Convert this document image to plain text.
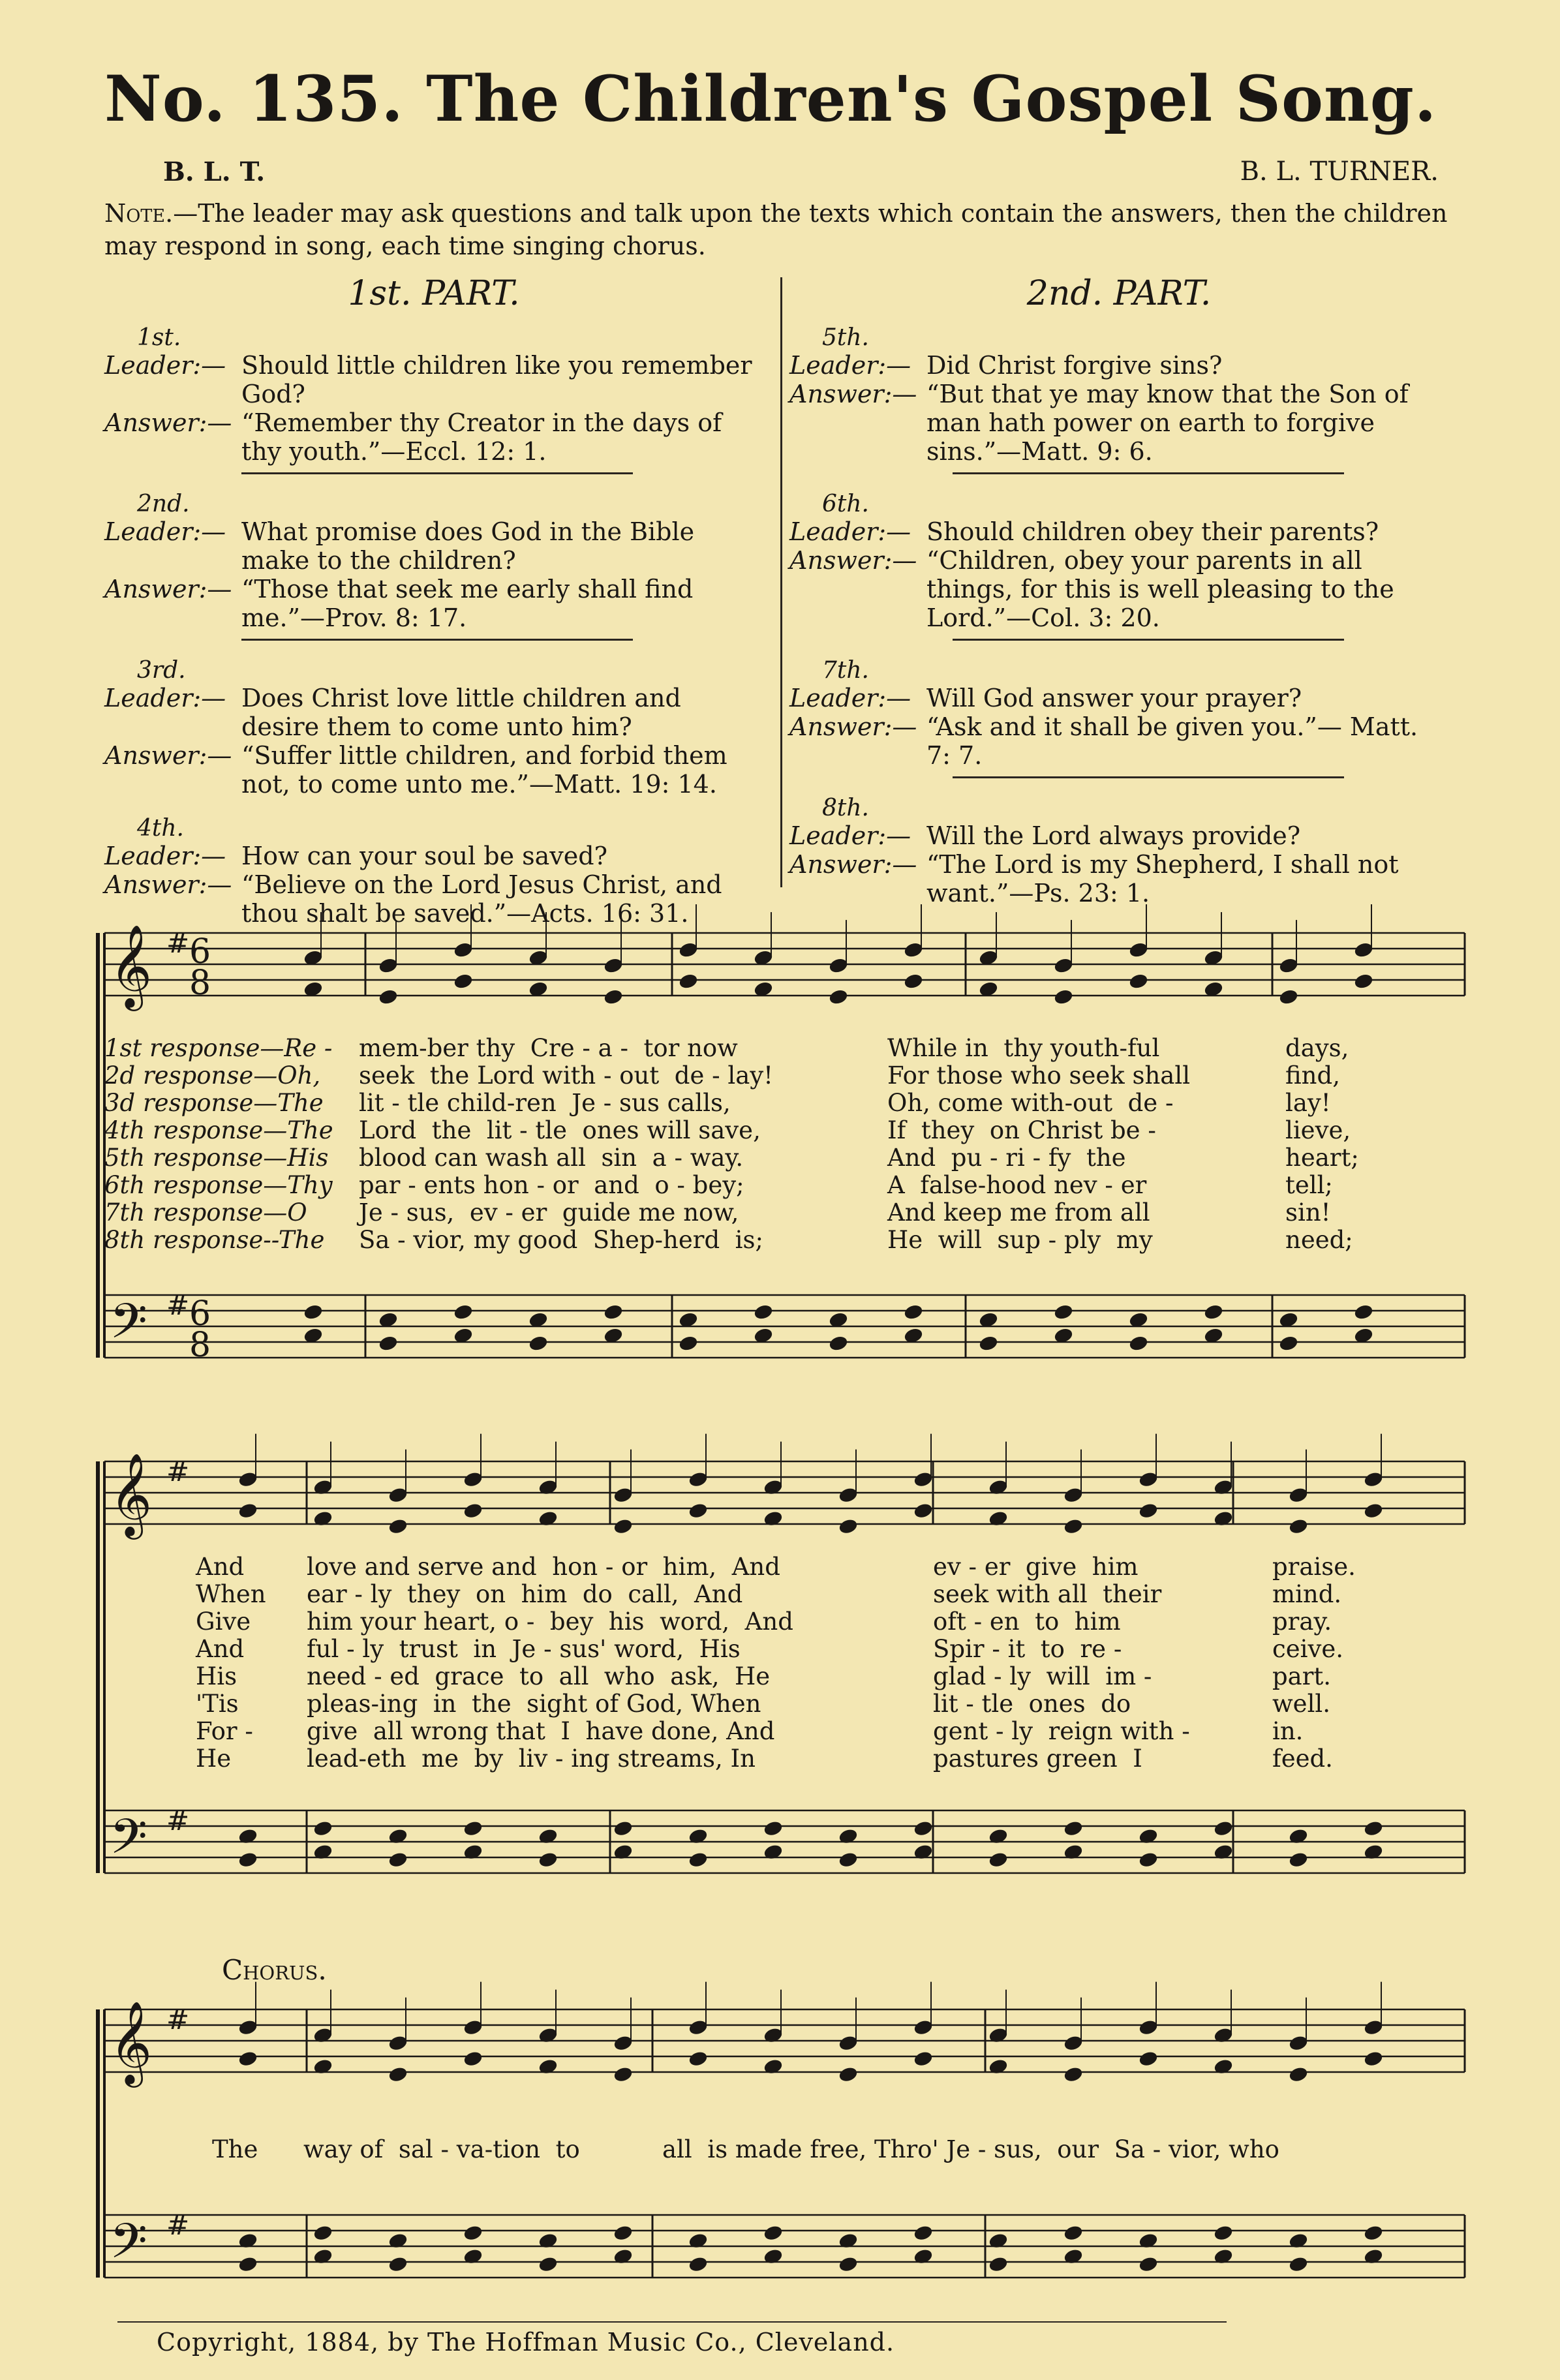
No. 135. The Children's Gospel Song.
B. L. T.	B. L. TURNER.
Note.—The leader may ask questions and talk upon the texts which contain the answers, then the children may respond in song, each time singing chorus.
1st. PART.
1st.
Leader:— Should little children like you remember God?
Answer:— “Remember thy Creator in the days of thy youth.”—Eccl. 12: 1.
2nd.
Leader:— What promise does God in the Bible make to the children?
Answer:— “Those that seek me early shall find me.”—Prov. 8: 17.
3rd.
Leader:— Does Christ love little children and desire them to come unto him?
Answer:— “Suffer little children, and forbid them not, to come unto me.”—Matt. 19: 14.
4th.
Leader:— How can your soul be saved?
Answer:— “Believe on the Lord Jesus Christ, and thou shalt be saved.”—Acts. 16: 31.
2nd. PART.
5th.
Leader:— Did Christ forgive sins?
Answer:— “But that ye may know that the Son of man hath power on earth to forgive sins.”—Matt. 9: 6.
6th.
Leader:— Should children obey their parents?
Answer:— “Children, obey your parents in all things, for this is well pleasing to the Lord.”—Col. 3: 20.
7th.
Leader:— Will God answer your prayer?
Answer:— “Ask and it shall be given you.”— Matt. 7: 7.
8th.
Leader:— Will the Lord always provide?
Answer:— “The Lord is my Shepherd, I shall not want.”—Ps. 23: 1.
𝄞
𝄢
#
#
6
8
6
8
𝄞
𝄢
#
#
𝄞
𝄢
#
#
1st response—Re -	mem-ber thy  Cre - a -  tor now	While in  thy youth-ful	days,
2d response—Oh,	seek  the Lord with - out  de - lay!	For those who seek shall	find,
3d response—The	lit - tle child-ren  Je - sus calls,	Oh, come with-out  de -	lay!
4th response—The	Lord  the  lit - tle  ones will save,	If  they  on Christ be -	lieve,
5th response—His	blood can wash all  sin  a - way.	And  pu - ri - fy  the	heart;
6th response—Thy	par - ents hon - or  and  o - bey;	A  false-hood nev - er	tell;
7th response—O	Je - sus,  ev - er  guide me now,	And keep me from all	sin!
8th response--The	Sa - vior, my good  Shep-herd  is;	He  will  sup - ply  my	need;
And	love and serve and  hon - or  him,  And	ev - er  give  him	praise.
When	ear - ly  they  on  him  do  call,  And	seek with all  their	mind.
Give	him your heart, o -  bey  his  word,  And	oft - en  to  him	pray.
And	ful - ly  trust  in  Je - sus' word,  His	Spir - it  to  re -	ceive.
His	need - ed  grace  to  all  who  ask,  He	glad - ly  will  im -	part.
'Tis	pleas-ing  in  the  sight of God, When	lit - tle  ones  do	well.
For -	give  all wrong that  I  have done, And	gent - ly  reign with -	in.
He	lead-eth  me  by  liv - ing streams, In	pastures green  I	feed.
Chorus.
The	way of  sal - va-tion  to	all  is made free, Thro' Je - sus,  our  Sa - vior, who
Copyright, 1884, by The Hoffman Music Co., Cleveland.
